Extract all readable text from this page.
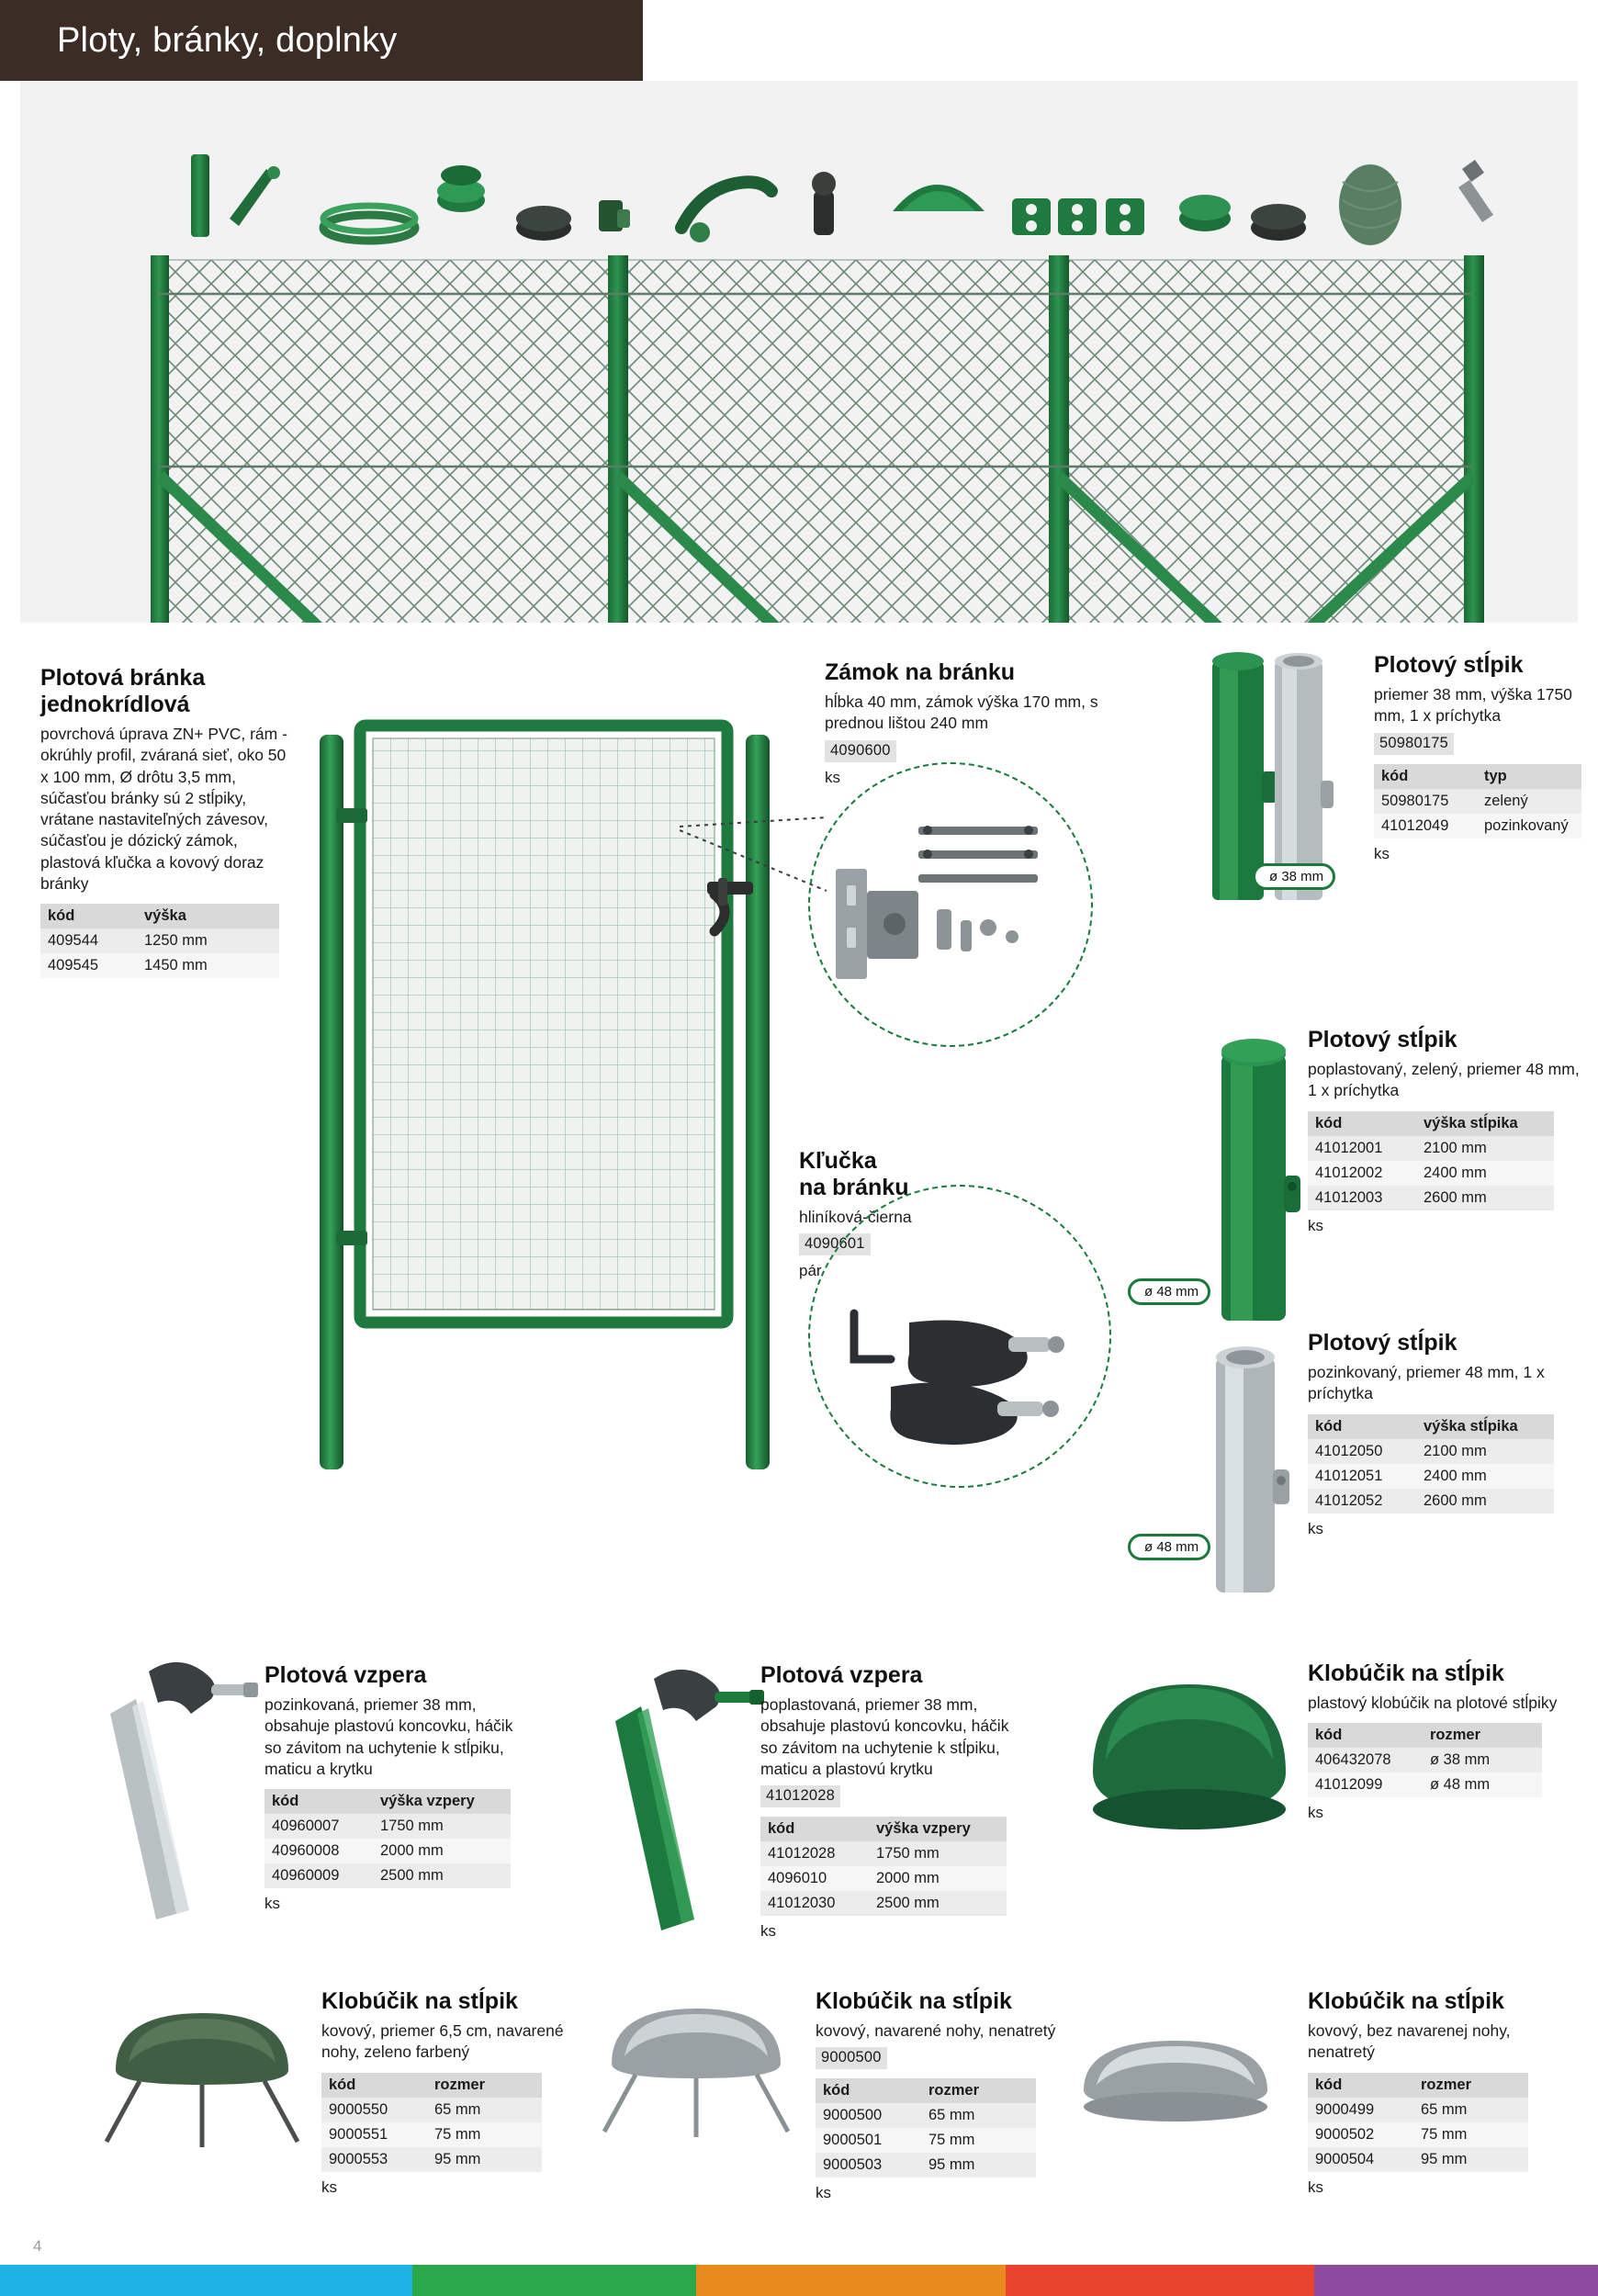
Ploty, bránky, doplnky
Plotová bránka
jednokrídlová
povrchová úprava ZN+ PVC, rám - okrúhly profil, zváraná sieť, oko 50 x 100 mm, Ø drôtu 3,5 mm, súčasťou bránky sú 2 stĺpiky, vrátane nastaviteľných závesov, súčasťou je dózický zámok, plastová kľučka a kovový doraz bránky
kód	výška
409544	1250 mm
409545	1450 mm
Zámok na bránku
hĺbka 40 mm, zámok výška 170 mm, s prednou lištou 240 mm
4090600
ks
Kľučka
na bránku
hliníková-čierna
4090601
pár
ø 38 mm
Plotový stĺpik
priemer 38 mm, výška 1750 mm, 1 x príchytka
50980175
kód	typ
50980175	zelený
41012049	pozinkovaný
ks
ø 48 mm
Plotový stĺpik
poplastovaný, zelený, priemer 48 mm, 1 x príchytka
kód	výška stĺpika
41012001	2100 mm
41012002	2400 mm
41012003	2600 mm
ks
ø 48 mm
Plotový stĺpik
pozinkovaný, priemer 48 mm, 1 x príchytka
kód	výška stĺpika
41012050	2100 mm
41012051	2400 mm
41012052	2600 mm
ks
Plotová vzpera
pozinkovaná, priemer 38 mm, obsahuje plastovú koncovku, háčik so závitom na uchytenie k stĺpiku, maticu a krytku
kód	výška vzpery
40960007	1750 mm
40960008	2000 mm
40960009	2500 mm
ks
Plotová vzpera
poplastovaná, priemer 38 mm, obsahuje plastovú koncovku, háčik so závitom na uchytenie k stĺpiku, maticu a plastovú krytku
41012028
kód	výška vzpery
41012028	1750 mm
4096010	2000 mm
41012030	2500 mm
ks
Klobúčik na stĺpik
plastový klobúčik na plotové stĺpiky
kód	rozmer
406432078	ø 38 mm
41012099	ø 48 mm
ks
Klobúčik na stĺpik
kovový, priemer 6,5 cm, navarené nohy, zeleno farbený
kód	rozmer
9000550	65 mm
9000551	75 mm
9000553	95 mm
ks
Klobúčik na stĺpik
kovový, navarené nohy, nenatretý
9000500
kód	rozmer
9000500	65 mm
9000501	75 mm
9000503	95 mm
ks
Klobúčik na stĺpik
kovový, bez navarenej nohy, nenatretý
kód	rozmer
9000499	65 mm
9000502	75 mm
9000504	95 mm
ks
4
